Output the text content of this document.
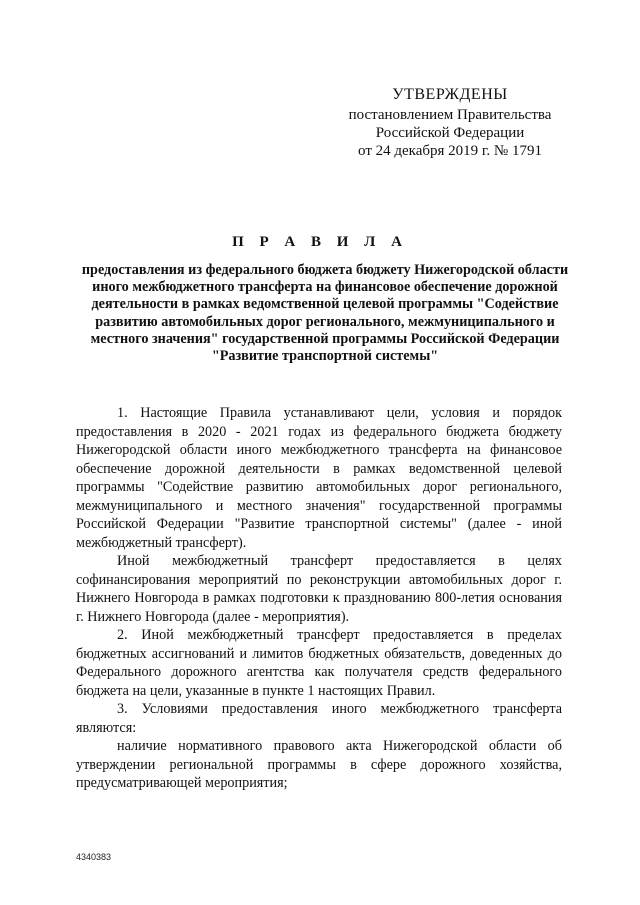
УТВЕРЖДЕНЫ
постановлением Правительства
Российской Федерации
от 24 декабря 2019 г. № 1791
П Р А В И Л А
предоставления из федерального бюджета бюджету Нижегородской области иного межбюджетного трансферта на финансовое обеспечение дорожной деятельности в рамках ведомственной целевой программы "Содействие развитию автомобильных дорог регионального, межмуниципального и местного значения" государственной программы Российской Федерации "Развитие транспортной системы"

1. Настоящие Правила устанавливают цели, условия и порядок предоставления в 2020 - 2021 годах из федерального бюджета бюджету Нижегородской области иного межбюджетного трансферта на финансовое обеспечение дорожной деятельности в рамках ведомственной целевой программы "Содействие развитию автомобильных дорог регионального, межмуниципального и местного значения" государственной программы Российской Федерации "Развитие транспортной системы" (далее - иной межбюджетный трансферт).

Иной межбюджетный трансферт предоставляется в целях софинансирования мероприятий по реконструкции автомобильных дорог г. Нижнего Новгорода в рамках подготовки к празднованию 800-летия основания г. Нижнего Новгорода (далее - мероприятия).

2. Иной межбюджетный трансферт предоставляется в пределах бюджетных ассигнований и лимитов бюджетных обязательств, доведенных до Федерального дорожного агентства как получателя средств федерального бюджета на цели, указанные в пункте 1 настоящих Правил.

3. Условиями предоставления иного межбюджетного трансферта являются:

наличие нормативного правового акта Нижегородской области об утверждении региональной программы в сфере дорожного хозяйства, предусматривающей мероприятия;

4340383
